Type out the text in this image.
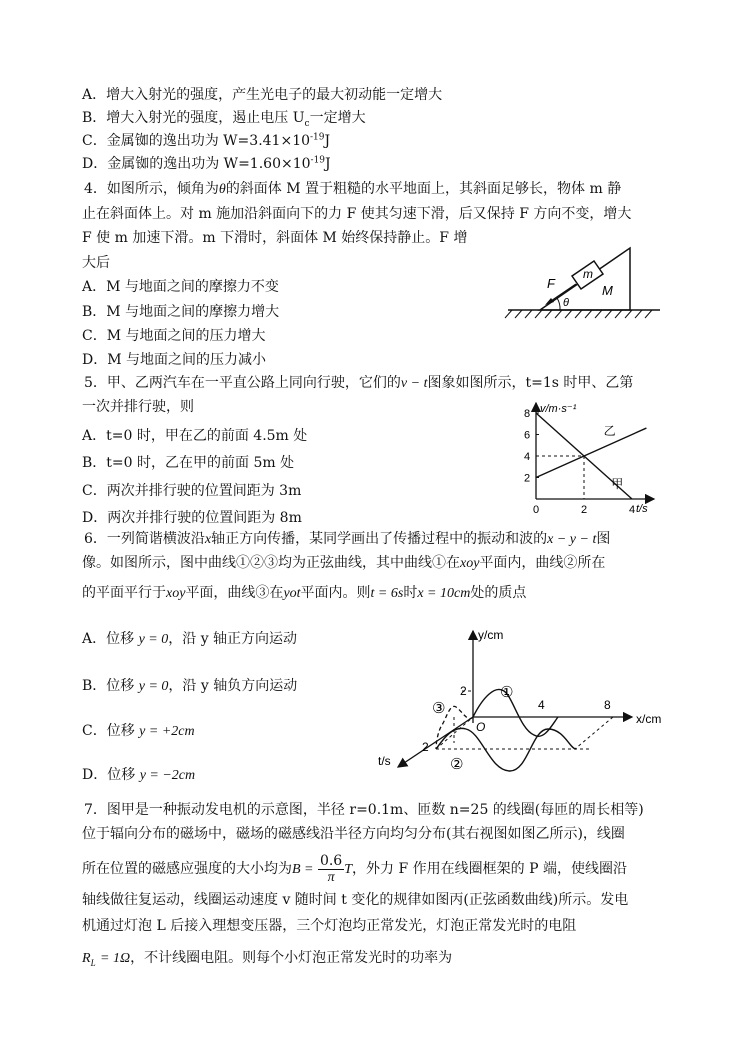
A．增大入射光的强度，产生光电子的最大初动能一定增大
B．增大入射光的强度，遏止电压 $U_c$一定增大
C．金属铷的逸出功为 $W=3.41\times 10^{-19}J$
D．金属铷的逸出功为 $W=1.60\times 10^{-19}J$
4．如图所示，倾角为θ的斜面体 M 置于粗糙的水平地面上，其斜面足够长，物体 m 静
止在斜面体上。对 m 施加沿斜面向下的力 F 使其匀速下滑，后又保持 F 方向不变，增大
F 使 m 加速下滑。m 下滑时，斜面体 M 始终保持静止。F 增
大后
A．M 与地面之间的摩擦力不变
B．M 与地面之间的摩擦力增大
C．M 与地面之间的压力增大
D．M 与地面之间的压力减小
F
m
M
θ
5．甲、乙两汽车在一平直公路上同向行驶，它们的v − t图象如图所示，t=1s 时甲、乙第
一次并排行驶，则
A．t=0 时，甲在乙的前面 4.5m 处
B．t=0 时，乙在甲的前面 5m 处
C．两次并排行驶的位置间距为 3m
D．两次并排行驶的位置间距为 8m
v/m·s⁻¹
t/s
2
4
6
8
0	2	4
乙
甲
6．一列简谐横波沿x轴正方向传播，某同学画出了传播过程中的振动和波的x − y − t图
像。如图所示，图中曲线①②③均为正弦曲线，其中曲线①在xoy平面内，曲线②所在
的平面平行于xoy平面，曲线③在yot平面内。则t = 6s时x = 10cm处的质点
A．位移 y = 0，沿 y 轴正方向运动
B．位移 y = 0，沿 y 轴负方向运动
C．位移 y = +2cm
D．位移 y = −2cm
y/cm
x/cm
t/s
2
2
4	8
O
①
②
③
7．图甲是一种振动发电机的示意图，半径 r=0.1m、匝数 n=25 的线圈(每匝的周长相等)
位于辐向分布的磁场中，磁场的磁感线沿半径方向均匀分布(其右视图如图乙所示)，线圈
所在位置的磁感应强度的大小均为$B = \frac{0.6}{\pi}$ T，外力 F 作用在线圈框架的 P 端，使线圈沿
轴线做往复运动，线圈运动速度 v 随时间 t 变化的规律如图丙(正弦函数曲线)所示。发电
机通过灯泡 L 后接入理想变压器，三个灯泡均正常发光，灯泡正常发光时的电阻
$R_L = 1\Omega$，不计线圈电阻。则每个小灯泡正常发光时的功率为
